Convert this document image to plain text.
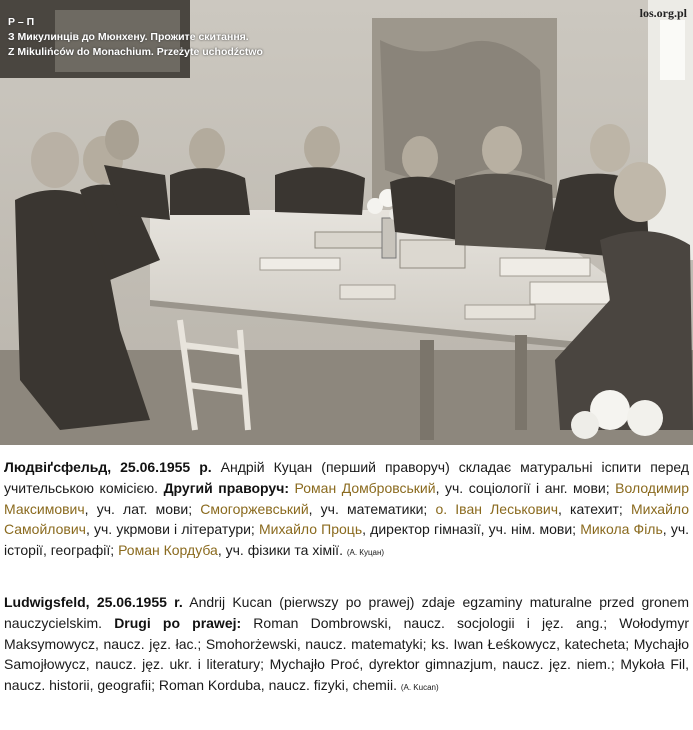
Р – П
З Микулинців до Мюнхену. Прожите скитання.
Z Mikulińców do Monachium. Przeżyte uchodźctwo
los.org.pl
Людвіґсфельд, 25.06.1955 р. Андрій Куцан (перший праворуч) складає матуральні іспити перед учительською комісією. Другий праворуч: Роман Домбровський, уч. соціології і анг. мови; Володимир Максимович, уч. лат. мови; Смогоржевський, уч. математики; о. Іван Леськович, катехит; Михайло Самойлович, уч. укрмови і літератури; Михайло Проць, директор гімназії, уч. нім. мови; Микола Філь, уч. історії, географії; Роман Кордуба, уч. фізики та хімії. (А. Куцан)
Ludwigsfeld, 25.06.1955 r. Andrij Kucan (pierwszy po prawej) zdaje egzaminy maturalne przed gronem nauczycielskim. Drugi po prawej: Roman Dombrowski, naucz. socjologii i jęz. ang.; Wołodymyr Maksymowycz, naucz. jęz. łac.; Smohorżewski, naucz. matematyki; ks. Iwan Łeśkowycz, katecheta; Mychajło Samojłowycz, naucz. jęz. ukr. i literatury; Mychajło Proć, dyrektor gimnazjum, naucz. jęz. niem.; Mykoła Fil, naucz. historii, geografii; Roman Korduba, naucz. fizyki, chemii. (A. Kucan)
